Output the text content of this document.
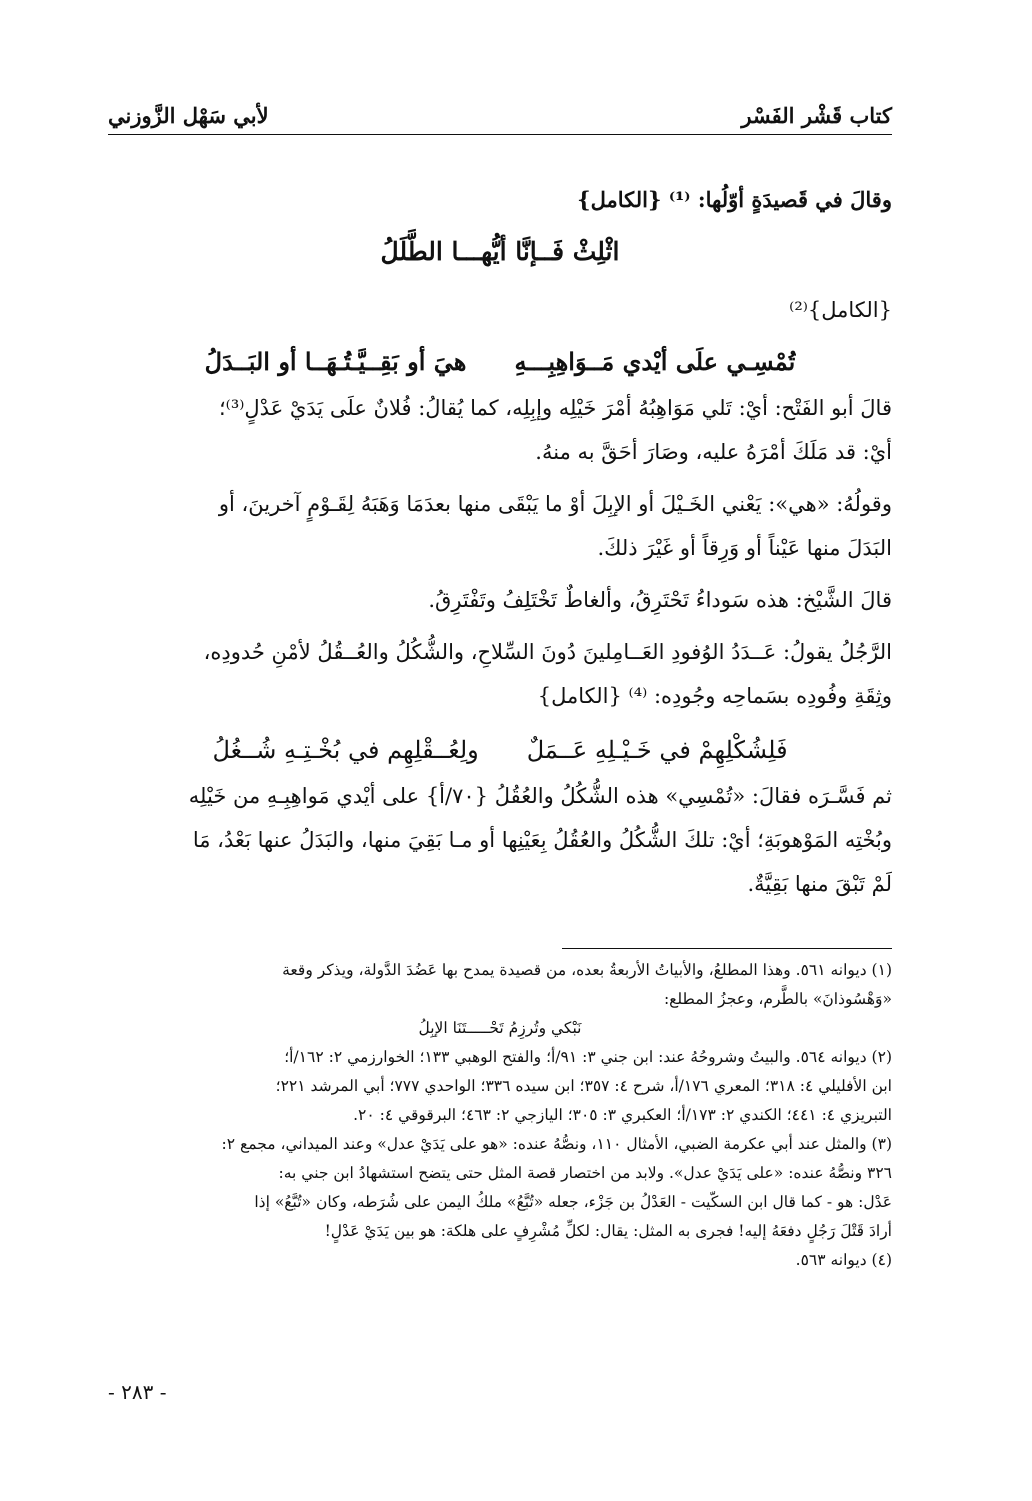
كتاب قَشْر الفَسْر
لأبي سَهْل الزَّوزني
وقالَ في قَصيدَةٍ أوّلُها: ⁽¹⁾ {الكامل}
اثْلِثْ فَــإنَّا أيُّهـــا الطَّلَلُ
{الكامل}⁽²⁾
تُمْسِـي علَى أيْدي مَــوَاهِبِـــهِ
هيَ أو بَقِــيَّـتُـهَــا أو البَــدَلُ
قالَ أبو الفَتْح: أيْ: تَلي مَوَاهِبُهُ أمْرَ خَيْلِه وإبِلِه، كما يُقالُ: فُلانٌ علَى يَدَيْ عَدْلٍ⁽³⁾؛
أيْ: قد مَلَكَ أمْرَهُ عليه، وصَارَ أحَقَّ به منهُ.
وقولُهُ: «هي»: يَعْني الخَـيْلَ أو الإبِلَ أوْ ما يَبْقَى منها بعدَمَا وَهَبَهُ لِقَـوْمٍ آخرينَ، أو
البَدَلَ منها عَيْناً أو وَرِقاً أو غَيْرَ ذلكَ.
قالَ الشَّيْخ: هذه سَوداءُ تَحْتَرِقُ، وألغاطٌ تَخْتَلِفُ وتَفْتَرِقُ.
الرَّجُلُ يقولُ: عَــدَدُ الوُفودِ العَــامِلينَ دُونَ السِّلاحِ، والشُّكُلُ والعُــقُلُ لأمْنِ حُدودِه،
وثِقَةِ وفُودِه بسَماحِه وجُودِه: ⁽⁴⁾ {الكامل}
فَلِشُكْلِهِمْ في خَـيْـلِهِ عَــمَلٌ
ولِعُــقْلِهِم في بُخْـتِـهِ شُــغُلُ
ثم فَسَّـرَه فقالَ: «تُمْسِي» هذه الشُّكُلُ والعُقُلُ {٧٠/أ} على أيْدي مَواهِبِـهِ من خَيْلِه
وبُخْتِه المَوْهوبَةِ؛ أيْ: تلكَ الشُّكُلُ والعُقُلُ بِعَيْنِها أو مـا بَقِيَ منها، والبَدَلُ عنها بَعْدُ، مَا
لَمْ تَبْقَ منها بَقِيَّةٌ.
(١) ديوانه ٥٦١. وهذا المطلعُ، والأبياتُ الأربعةُ بعده، من قصيدة يمدح بها عَضُدَ الدَّولة، ويذكر وقعة
«وَهْسُوذانَ» بالطَّرم، وعجزُ المطلع:
نَبْكي وتُرزِمُ تَحْـــــتَنَا الإبِلُ
(٢) ديوانه ٥٦٤. والبيتُ وشروحُهُ عند: ابن جني ٣: ٩١/أ؛ والفتح الوهبي ١٣٣؛ الخوارزمي ٢: ١٦٢/أ؛
ابن الأفليلي ٤: ٣١٨؛ المعري ١٧٦/أ، شرح ٤: ٣٥٧؛ ابن سيده ٣٣٦؛ الواحدي ٧٧٧؛ أبي المرشد ٢٢١؛
التبريزي ٤: ٤٤١؛ الكندي ٢: ١٧٣/أ؛ العكبري ٣: ٣٠٥؛ اليازجي ٢: ٤٦٣؛ البرقوقي ٤: ٢٠.
(٣) والمثل عند أبي عكرمة الضبي، الأمثال ١١٠، ونصُّهُ عنده: «هو على يَدَيْ عدل» وعند الميداني، مجمع ٢:
٣٢٦ ونصُّهُ عنده: «على يَدَيْ عدل». ولابد من اختصار قصة المثل حتى يتضح استشهادُ ابن جني به:
عَدْل: هو - كما قال ابن السكّيت - العَدْلُ بن جَزْء، جعله «تُبَّعُ» ملكُ اليمن على شُرَطه، وكان «تُبَّعُ» إذا
أرادَ قَتْلَ رَجُلٍ دفعَهُ إليه! فجرى به المثل: يقال: لكلِّ مُشْرِفٍ على هلكة: هو بين يَدَيْ عَدْلٍ!
(٤) ديوانه ٥٦٣.
- ٢٨٣ -
